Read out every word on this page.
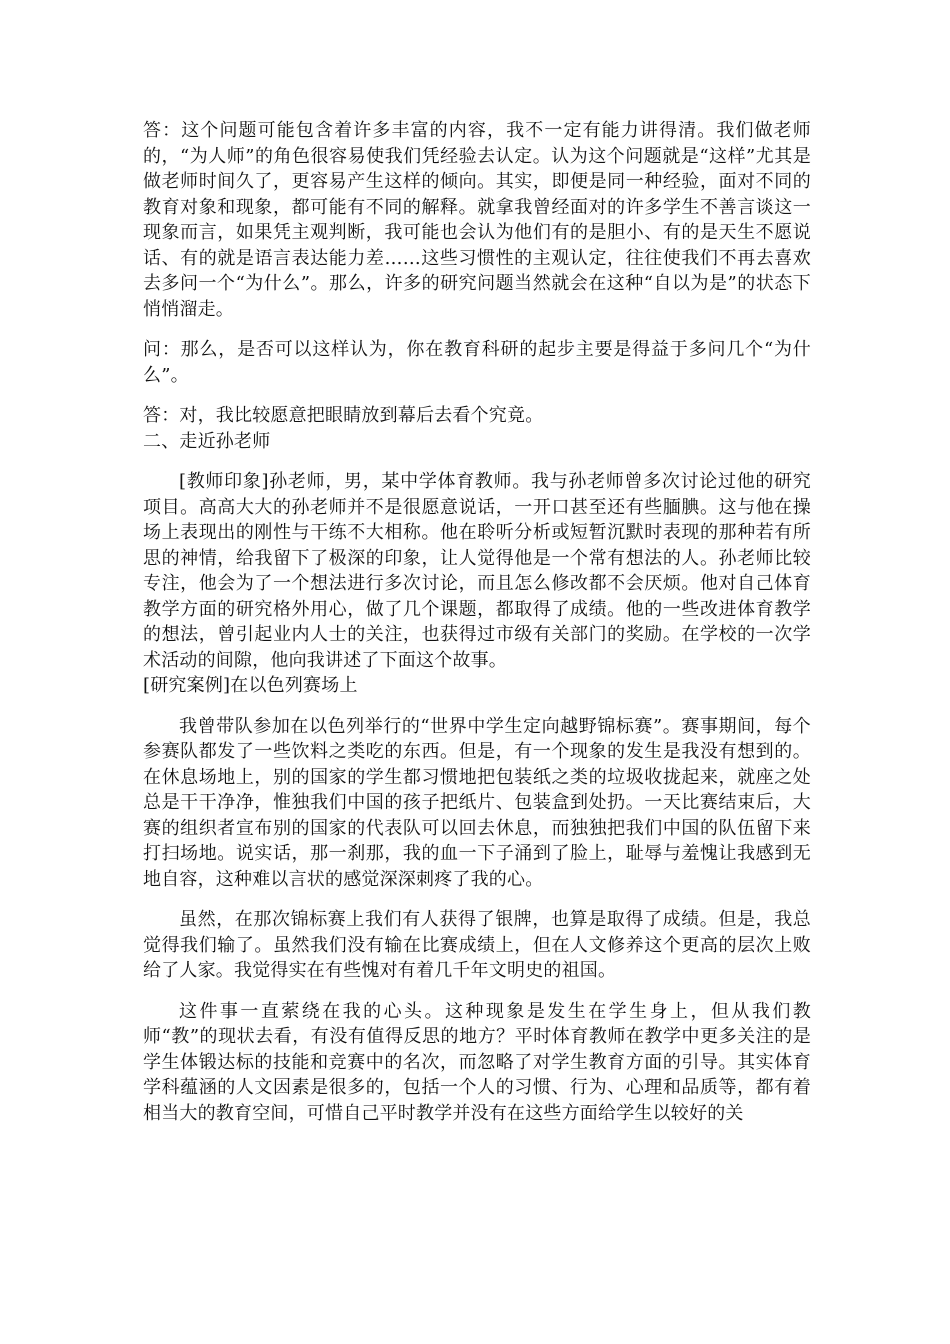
答：这个问题可能包含着许多丰富的内容，我不一定有能力讲得清。我们做老师的，“为人师”的角色很容易使我们凭经验去认定。认为这个问题就是“这样”尤其是做老师时间久了，更容易产生这样的倾向。其实，即便是同一种经验，面对不同的教育对象和现象，都可能有不同的解释。就拿我曾经面对的许多学生不善言谈这一现象而言，如果凭主观判断，我可能也会认为他们有的是胆小、有的是天生不愿说话、有的就是语言表达能力差……这些习惯性的主观认定，往往使我们不再去喜欢去多问一个“为什么”。那么，许多的研究问题当然就会在这种“自以为是”的状态下悄悄溜走。

问：那么，是否可以这样认为，你在教育科研的起步主要是得益于多问几个“为什么”。

答：对，我比较愿意把眼睛放到幕后去看个究竟。

二、走近孙老师

[教师印象]孙老师，男，某中学体育教师。我与孙老师曾多次讨论过他的研究项目。高高大大的孙老师并不是很愿意说话，一开口甚至还有些腼腆。这与他在操场上表现出的刚性与干练不大相称。他在聆听分析或短暂沉默时表现的那种若有所思的神情，给我留下了极深的印象，让人觉得他是一个常有想法的人。孙老师比较专注，他会为了一个想法进行多次讨论，而且怎么修改都不会厌烦。他对自己体育教学方面的研究格外用心，做了几个课题，都取得了成绩。他的一些改进体育教学的想法，曾引起业内人士的关注，也获得过市级有关部门的奖励。在学校的一次学术活动的间隙，他向我讲述了下面这个故事。

[研究案例]在以色列赛场上

我曾带队参加在以色列举行的“世界中学生定向越野锦标赛”。赛事期间，每个参赛队都发了一些饮料之类吃的东西。但是，有一个现象的发生是我没有想到的。在休息场地上，别的国家的学生都习惯地把包装纸之类的垃圾收拢起来，就座之处总是干干净净，惟独我们中国的孩子把纸片、包装盒到处扔。一天比赛结束后，大赛的组织者宣布别的国家的代表队可以回去休息，而独独把我们中国的队伍留下来打扫场地。说实话，那一刹那，我的血一下子涌到了脸上，耻辱与羞愧让我感到无地自容，这种难以言状的感觉深深刺疼了我的心。

虽然，在那次锦标赛上我们有人获得了银牌，也算是取得了成绩。但是，我总觉得我们输了。虽然我们没有输在比赛成绩上，但在人文修养这个更高的层次上败给了人家。我觉得实在有些愧对有着几千年文明史的祖国。

这件事一直萦绕在我的心头。这种现象是发生在学生身上，但从我们教师“教”的现状去看，有没有值得反思的地方？平时体育教师在教学中更多关注的是学生体锻达标的技能和竞赛中的名次，而忽略了对学生教育方面的引导。其实体育学科蕴涵的人文因素是很多的，包括一个人的习惯、行为、心理和品质等，都有着相当大的教育空间，可惜自己平时教学并没有在这些方面给学生以较好的关
